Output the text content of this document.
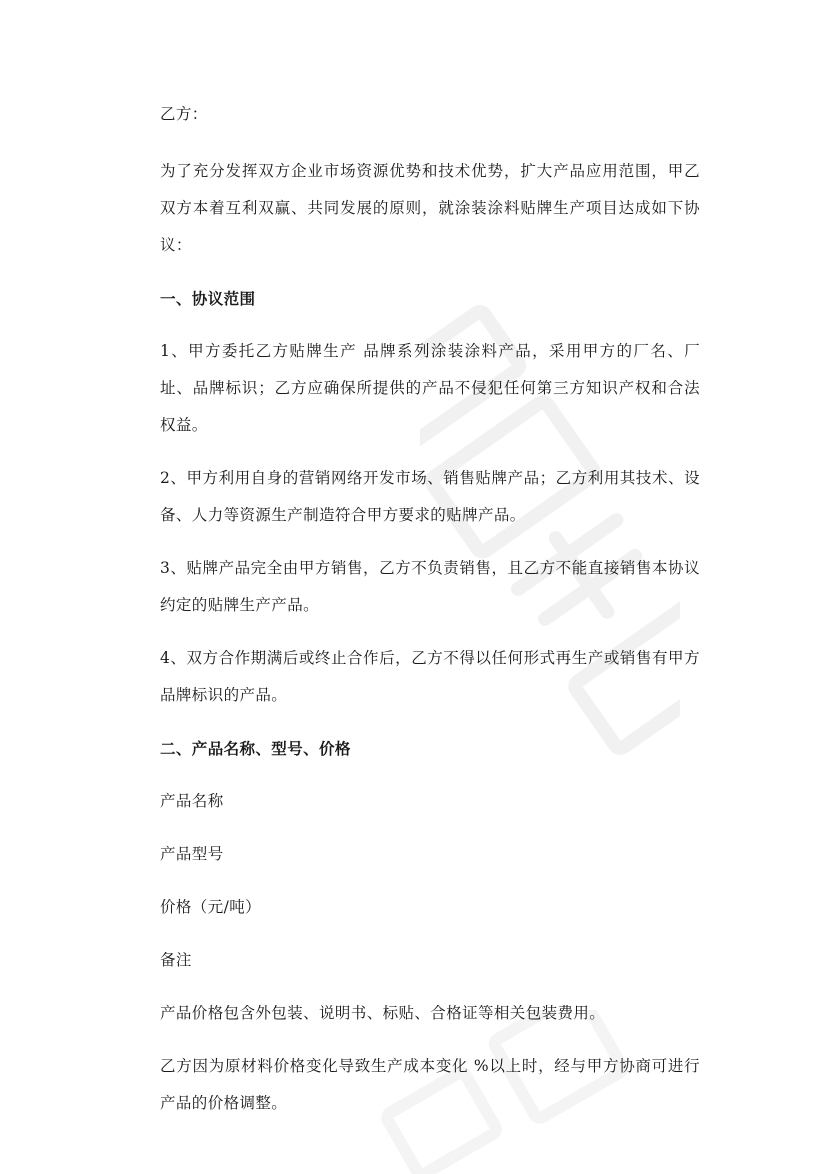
乙方：

为了充分发挥双方企业市场资源优势和技术优势，扩大产品应用范围，甲乙双方本着互利双赢、共同发展的原则，就涂装涂料贴牌生产项目达成如下协议：

一、协议范围

1、甲方委托乙方贴牌生产 品牌系列涂装涂料产品，采用甲方的厂名、厂址、品牌标识；乙方应确保所提供的产品不侵犯任何第三方知识产权和合法权益。

2、甲方利用自身的营销网络开发市场、销售贴牌产品；乙方利用其技术、设备、人力等资源生产制造符合甲方要求的贴牌产品。

3、贴牌产品完全由甲方销售，乙方不负责销售，且乙方不能直接销售本协议约定的贴牌生产产品。

4、双方合作期满后或终止合作后，乙方不得以任何形式再生产或销售有甲方品牌标识的产品。

二、产品名称、型号、价格

产品名称

产品型号

价格（元/吨）

备注

产品价格包含外包装、说明书、标贴、合格证等相关包装费用。

乙方因为原材料价格变化导致生产成本变化 %以上时，经与甲方协商可进行产品的价格调整。
